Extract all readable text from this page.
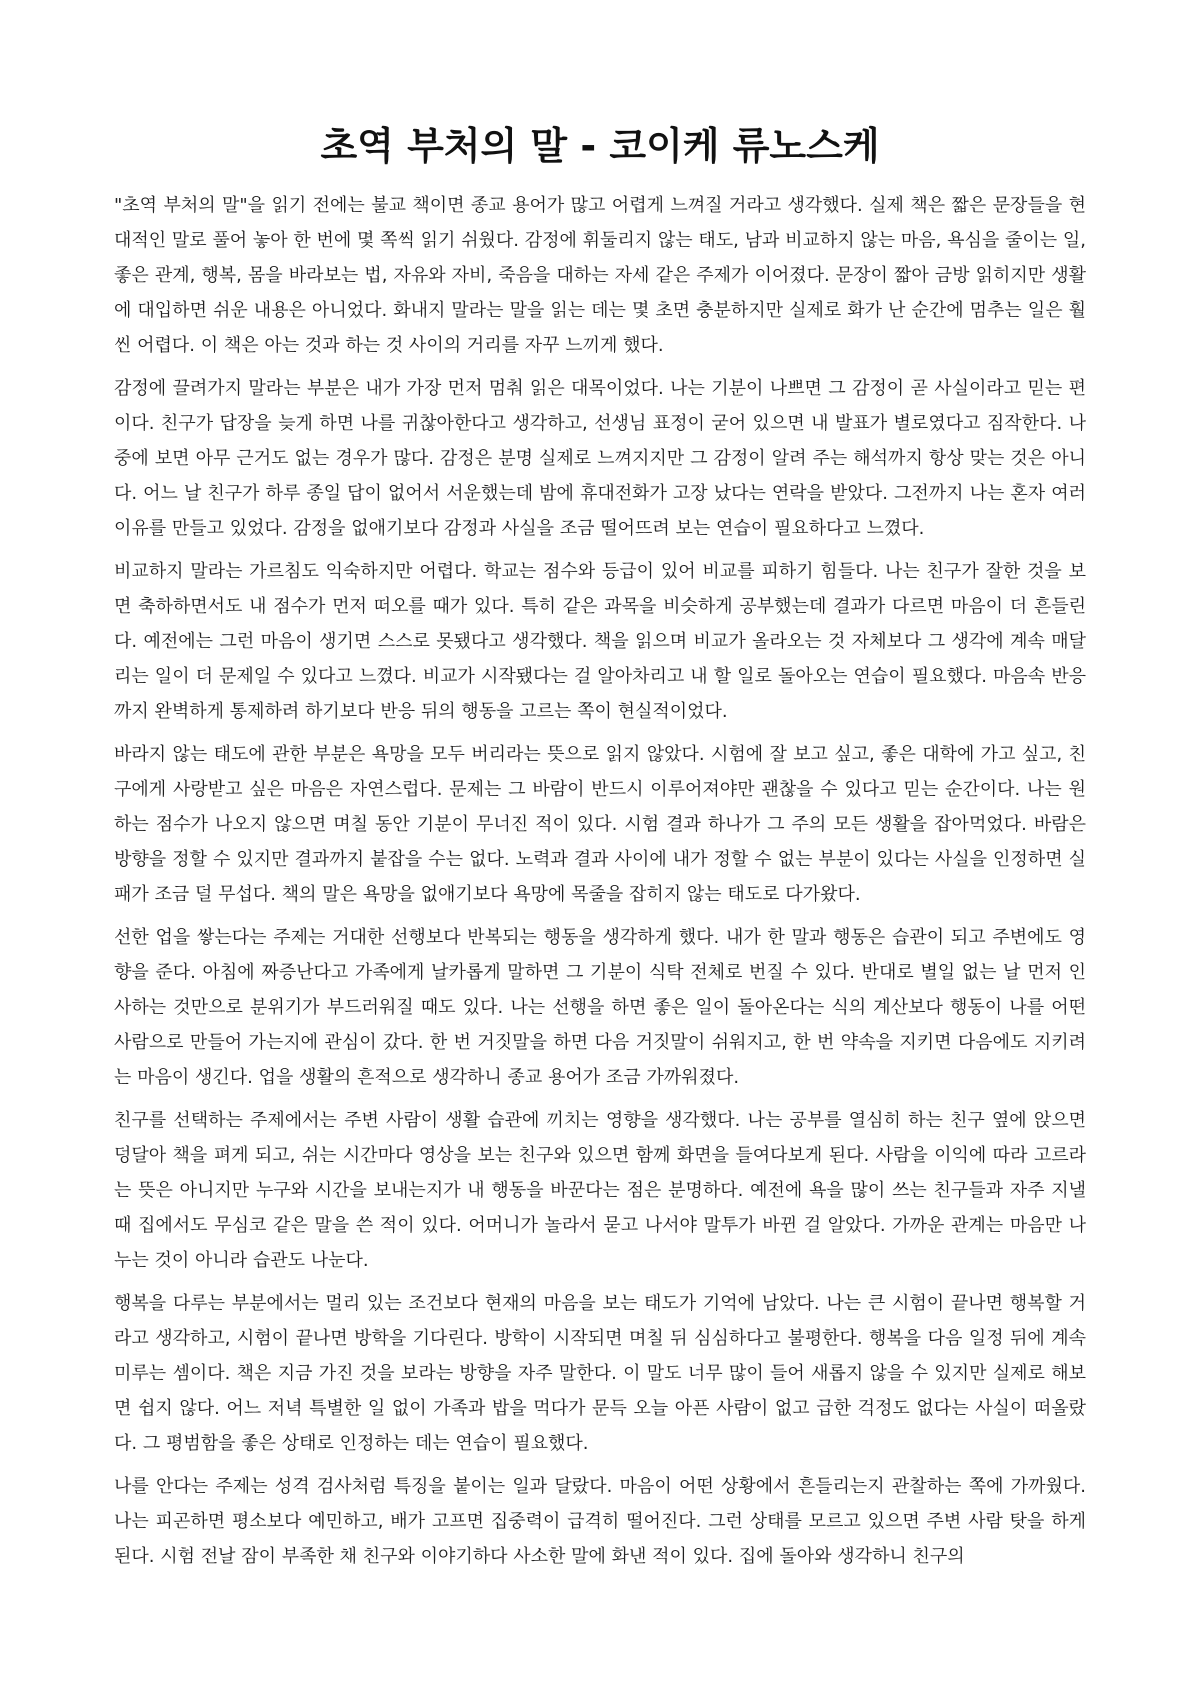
초역 부처의 말 - 코이케 류노스케

"초역 부처의 말"을 읽기 전에는 불교 책이면 종교 용어가 많고 어렵게 느껴질 거라고 생각했다. 실제 책은 짧은 문장들을 현대적인 말로 풀어 놓아 한 번에 몇 쪽씩 읽기 쉬웠다. 감정에 휘둘리지 않는 태도, 남과 비교하지 않는 마음, 욕심을 줄이는 일, 좋은 관계, 행복, 몸을 바라보는 법, 자유와 자비, 죽음을 대하는 자세 같은 주제가 이어졌다. 문장이 짧아 금방 읽히지만 생활에 대입하면 쉬운 내용은 아니었다. 화내지 말라는 말을 읽는 데는 몇 초면 충분하지만 실제로 화가 난 순간에 멈추는 일은 훨씬 어렵다. 이 책은 아는 것과 하는 것 사이의 거리를 자꾸 느끼게 했다.

감정에 끌려가지 말라는 부분은 내가 가장 먼저 멈춰 읽은 대목이었다. 나는 기분이 나쁘면 그 감정이 곧 사실이라고 믿는 편이다. 친구가 답장을 늦게 하면 나를 귀찮아한다고 생각하고, 선생님 표정이 굳어 있으면 내 발표가 별로였다고 짐작한다. 나중에 보면 아무 근거도 없는 경우가 많다. 감정은 분명 실제로 느껴지지만 그 감정이 알려 주는 해석까지 항상 맞는 것은 아니다. 어느 날 친구가 하루 종일 답이 없어서 서운했는데 밤에 휴대전화가 고장 났다는 연락을 받았다. 그전까지 나는 혼자 여러 이유를 만들고 있었다. 감정을 없애기보다 감정과 사실을 조금 떨어뜨려 보는 연습이 필요하다고 느꼈다.

비교하지 말라는 가르침도 익숙하지만 어렵다. 학교는 점수와 등급이 있어 비교를 피하기 힘들다. 나는 친구가 잘한 것을 보면 축하하면서도 내 점수가 먼저 떠오를 때가 있다. 특히 같은 과목을 비슷하게 공부했는데 결과가 다르면 마음이 더 흔들린다. 예전에는 그런 마음이 생기면 스스로 못됐다고 생각했다. 책을 읽으며 비교가 올라오는 것 자체보다 그 생각에 계속 매달리는 일이 더 문제일 수 있다고 느꼈다. 비교가 시작됐다는 걸 알아차리고 내 할 일로 돌아오는 연습이 필요했다. 마음속 반응까지 완벽하게 통제하려 하기보다 반응 뒤의 행동을 고르는 쪽이 현실적이었다.

바라지 않는 태도에 관한 부분은 욕망을 모두 버리라는 뜻으로 읽지 않았다. 시험에 잘 보고 싶고, 좋은 대학에 가고 싶고, 친구에게 사랑받고 싶은 마음은 자연스럽다. 문제는 그 바람이 반드시 이루어져야만 괜찮을 수 있다고 믿는 순간이다. 나는 원하는 점수가 나오지 않으면 며칠 동안 기분이 무너진 적이 있다. 시험 결과 하나가 그 주의 모든 생활을 잡아먹었다. 바람은 방향을 정할 수 있지만 결과까지 붙잡을 수는 없다. 노력과 결과 사이에 내가 정할 수 없는 부분이 있다는 사실을 인정하면 실패가 조금 덜 무섭다. 책의 말은 욕망을 없애기보다 욕망에 목줄을 잡히지 않는 태도로 다가왔다.

선한 업을 쌓는다는 주제는 거대한 선행보다 반복되는 행동을 생각하게 했다. 내가 한 말과 행동은 습관이 되고 주변에도 영향을 준다. 아침에 짜증난다고 가족에게 날카롭게 말하면 그 기분이 식탁 전체로 번질 수 있다. 반대로 별일 없는 날 먼저 인사하는 것만으로 분위기가 부드러워질 때도 있다. 나는 선행을 하면 좋은 일이 돌아온다는 식의 계산보다 행동이 나를 어떤 사람으로 만들어 가는지에 관심이 갔다. 한 번 거짓말을 하면 다음 거짓말이 쉬워지고, 한 번 약속을 지키면 다음에도 지키려는 마음이 생긴다. 업을 생활의 흔적으로 생각하니 종교 용어가 조금 가까워졌다.

친구를 선택하는 주제에서는 주변 사람이 생활 습관에 끼치는 영향을 생각했다. 나는 공부를 열심히 하는 친구 옆에 앉으면 덩달아 책을 펴게 되고, 쉬는 시간마다 영상을 보는 친구와 있으면 함께 화면을 들여다보게 된다. 사람을 이익에 따라 고르라는 뜻은 아니지만 누구와 시간을 보내는지가 내 행동을 바꾼다는 점은 분명하다. 예전에 욕을 많이 쓰는 친구들과 자주 지낼 때 집에서도 무심코 같은 말을 쓴 적이 있다. 어머니가 놀라서 묻고 나서야 말투가 바뀐 걸 알았다. 가까운 관계는 마음만 나누는 것이 아니라 습관도 나눈다.

행복을 다루는 부분에서는 멀리 있는 조건보다 현재의 마음을 보는 태도가 기억에 남았다. 나는 큰 시험이 끝나면 행복할 거라고 생각하고, 시험이 끝나면 방학을 기다린다. 방학이 시작되면 며칠 뒤 심심하다고 불평한다. 행복을 다음 일정 뒤에 계속 미루는 셈이다. 책은 지금 가진 것을 보라는 방향을 자주 말한다. 이 말도 너무 많이 들어 새롭지 않을 수 있지만 실제로 해보면 쉽지 않다. 어느 저녁 특별한 일 없이 가족과 밥을 먹다가 문득 오늘 아픈 사람이 없고 급한 걱정도 없다는 사실이 떠올랐다. 그 평범함을 좋은 상태로 인정하는 데는 연습이 필요했다.

나를 안다는 주제는 성격 검사처럼 특징을 붙이는 일과 달랐다. 마음이 어떤 상황에서 흔들리는지 관찰하는 쪽에 가까웠다. 나는 피곤하면 평소보다 예민하고, 배가 고프면 집중력이 급격히 떨어진다. 그런 상태를 모르고 있으면 주변 사람 탓을 하게 된다. 시험 전날 잠이 부족한 채 친구와 이야기하다 사소한 말에 화낸 적이 있다. 집에 돌아와 생각하니 친구의
